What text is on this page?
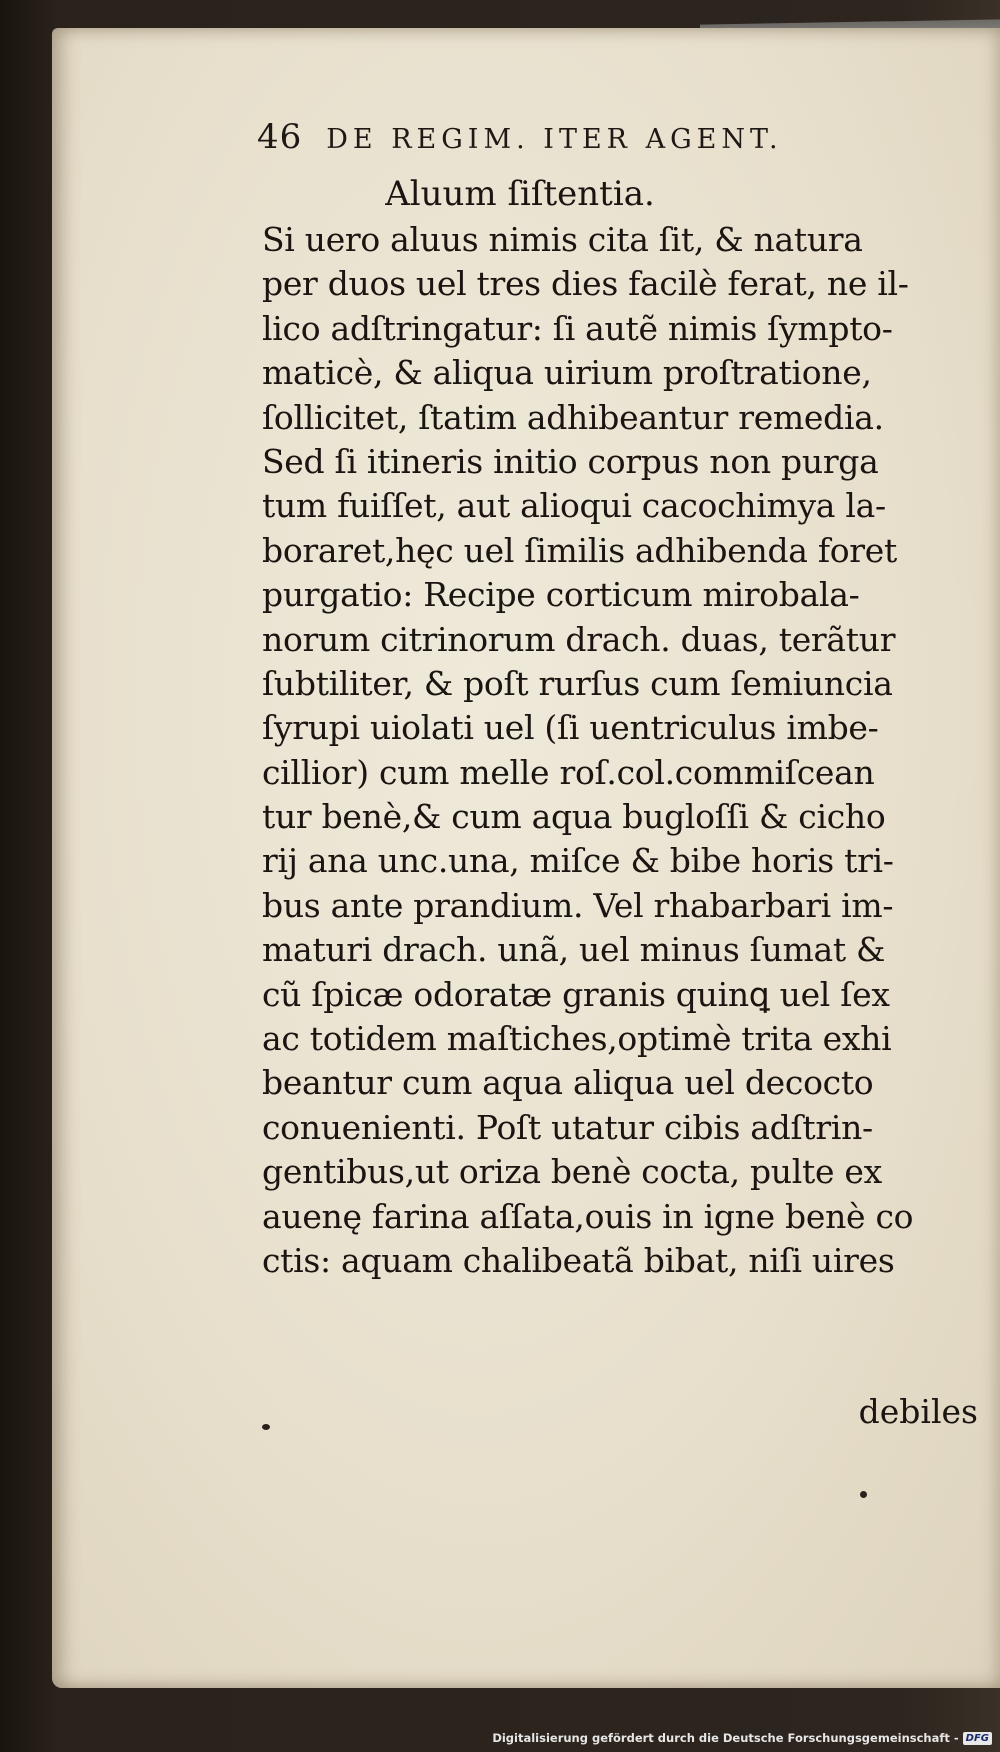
46 DE REGIM. ITER AGENT.
Aluum ſiſtentia.
Si uero aluus nimis cita ſit, & natura
per duos uel tres dies facilè ferat, ne il-
lico adſtringatur: ſi autẽ nimis ſympto-
maticè, & aliqua uirium proſtratione,
ſollicitet, ſtatim adhibeantur remedia.
Sed ſi itineris initio corpus non purga
tum fuiſſet, aut alioqui cacochimya la-
boraret,hęc uel ſimilis adhibenda foret
purgatio: Recipe corticum mirobala-
norum citrinorum drach. duas, terãtur
ſubtiliter, & poſt rurſus cum ſemiuncia
ſyrupi uiolati uel (ſi uentriculus imbe-
cillior) cum melle roſ.col.commiſcean
tur benè,& cum aqua bugloſſi & cicho
rij ana unc.una, miſce & bibe horis tri-
bus ante prandium. Vel rhabarbari im-
maturi drach. unã, uel minus ſumat &
cũ ſpicæ odoratæ granis quinꝗ uel ſex
ac totidem maſtiches,optimè trita exhi
beantur cum aqua aliqua uel decocto
conuenienti. Poſt utatur cibis adſtrin-
gentibus,ut oriza benè cocta, pulte ex
auenę farina aſſata,ouis in igne benè co
ctis: aquam chalibeatã bibat, niſi uires
debiles
Digitalisierung gefördert durch die Deutsche Forschungsgemeinschaft - DFG
